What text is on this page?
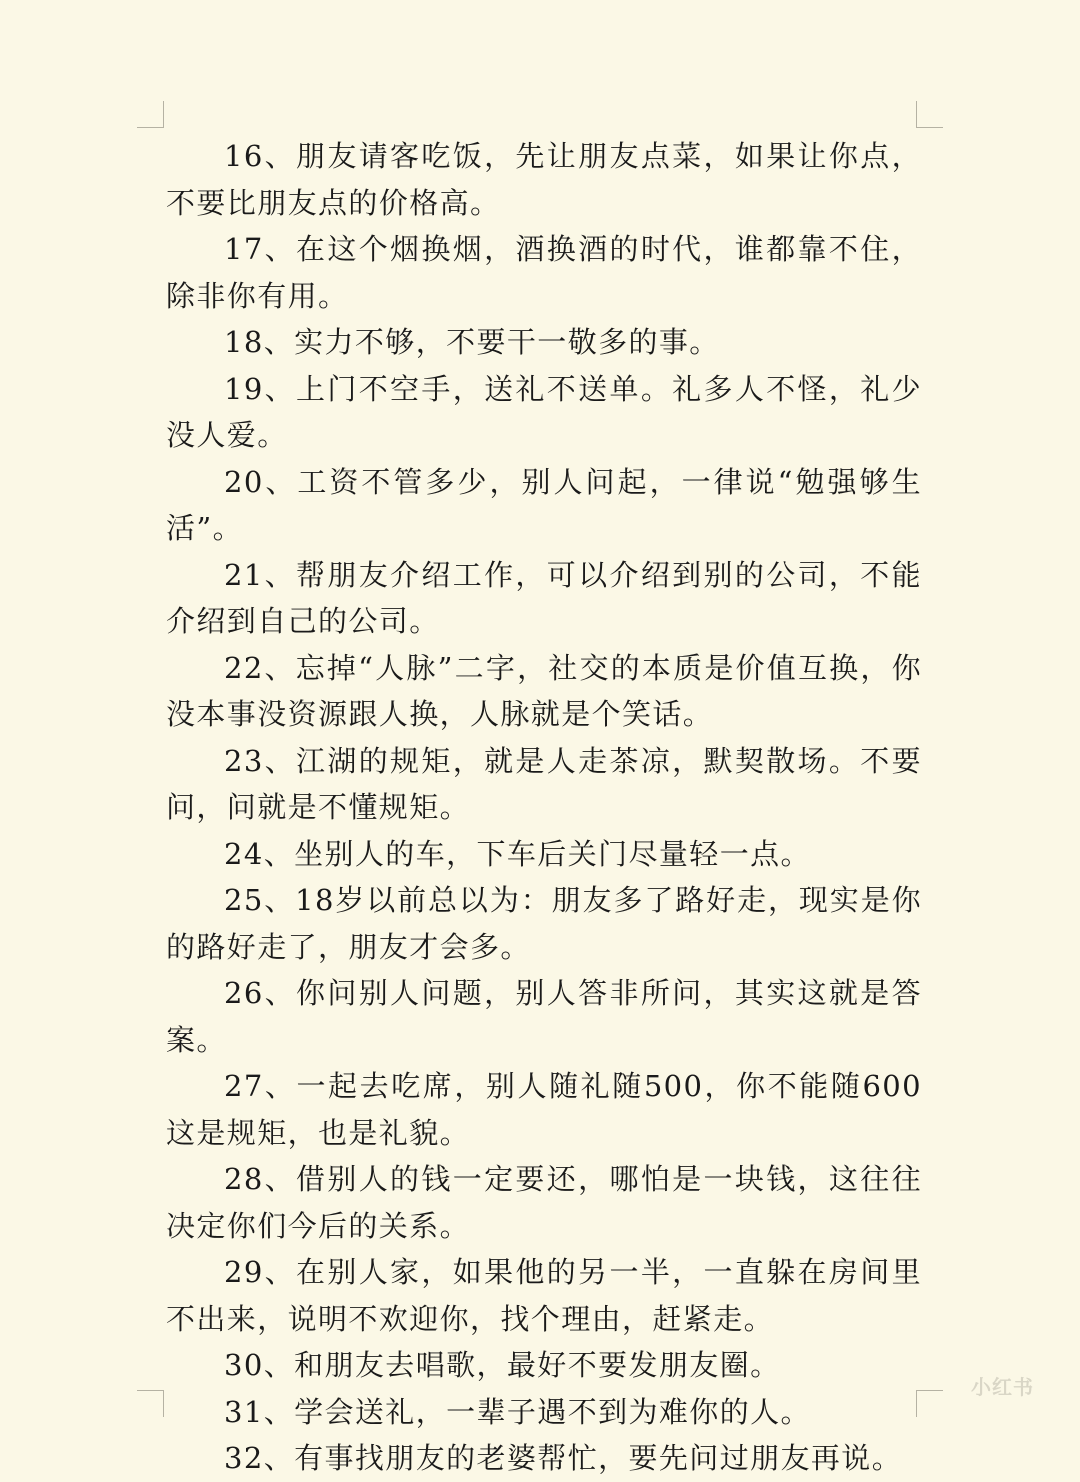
16、朋友请客吃饭，先让朋友点菜，如果让你点，不要比朋友点的价格高。

17、在这个烟换烟，酒换酒的时代，谁都靠不住，除非你有用。

18、实力不够，不要干一敬多的事。

19、上门不空手，送礼不送单。礼多人不怪，礼少没人爱。

20、工资不管多少，别人问起，一律说“勉强够生活”。

21、帮朋友介绍工作，可以介绍到别的公司，不能介绍到自己的公司。

22、忘掉“人脉”二字，社交的本质是价值互换，你没本事没资源跟人换，人脉就是个笑话。

23、江湖的规矩，就是人走茶凉，默契散场。不要问，问就是不懂规矩。

24、坐别人的车，下车后关门尽量轻一点。

25、18岁以前总以为：朋友多了路好走，现实是你的路好走了，朋友才会多。

26、你问别人问题，别人答非所问，其实这就是答案。

27、一起去吃席，别人随礼随500，你不能随600这是规矩，也是礼貌。

28、借别人的钱一定要还，哪怕是一块钱，这往往决定你们今后的关系。

29、在别人家，如果他的另一半，一直躲在房间里不出来，说明不欢迎你，找个理由，赶紧走。

30、和朋友去唱歌，最好不要发朋友圈。

31、学会送礼，一辈子遇不到为难你的人。

32、有事找朋友的老婆帮忙，要先问过朋友再说。

小红书
